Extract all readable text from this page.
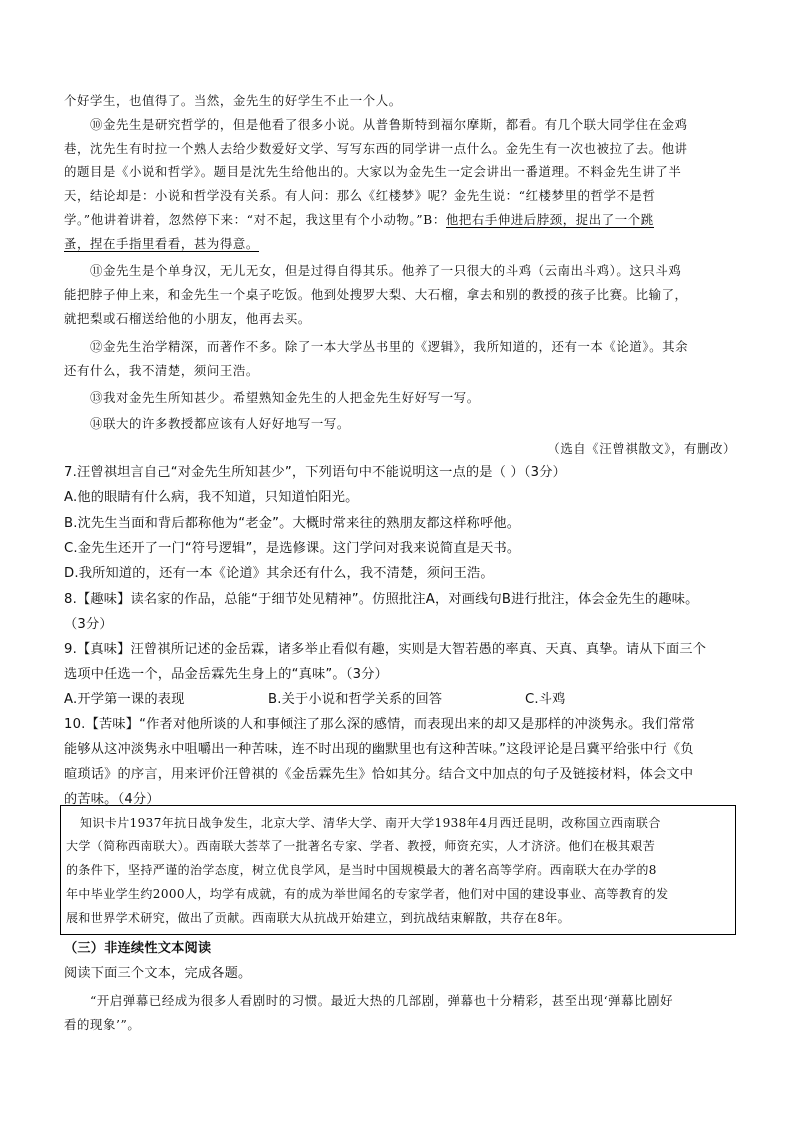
个好学生，也值得了。当然，金先生的好学生不止一个人。
⑩金先生是研究哲学的，但是他看了很多小说。从普鲁斯特到福尔摩斯，都看。有几个联大同学住在金鸡
巷，沈先生有时拉一个熟人去给少数爱好文学、写写东西的同学讲一点什么。金先生有一次也被拉了去。他讲
的题目是《小说和哲学》。题目是沈先生给他出的。大家以为金先生一定会讲出一番道理。不料金先生讲了半
天，结论却是：小说和哲学没有关系。有人问：那么《红楼梦》呢？金先生说：“红楼梦里的哲学不是哲
学。”他讲着讲着，忽然停下来：“对不起，我这里有个小动物。”B：他把右手伸进后脖颈，捉出了一个跳
蚤，捏在手指里看看，甚为得意。
⑪金先生是个单身汉，无儿无女，但是过得自得其乐。他养了一只很大的斗鸡（云南出斗鸡）。这只斗鸡
能把脖子伸上来，和金先生一个桌子吃饭。他到处搜罗大梨、大石榴，拿去和别的教授的孩子比赛。比输了，
就把梨或石榴送给他的小朋友，他再去买。
⑫金先生治学精深，而著作不多。除了一本大学丛书里的《逻辑》，我所知道的，还有一本《论道》。其余
还有什么，我不清楚，须问王浩。
⑬我对金先生所知甚少。希望熟知金先生的人把金先生好好写一写。
⑭联大的许多教授都应该有人好好地写一写。
（选自《汪曾祺散文》，有删改）
7.汪曾祺坦言自己“对金先生所知甚少”，下列语句中不能说明这一点的是（ ）（3分）
A.他的眼睛有什么病，我不知道，只知道怕阳光。
B.沈先生当面和背后都称他为“老金”。大概时常来往的熟朋友都这样称呼他。
C.金先生还开了一门“符号逻辑”，是选修课。这门学问对我来说简直是天书。
D.我所知道的，还有一本《论道》其余还有什么，我不清楚，须问王浩。
8.【趣味】读名家的作品，总能“于细节处见精神”。仿照批注A，对画线句B进行批注，体会金先生的趣味。
（3分）
9.【真味】汪曾祺所记述的金岳霖，诸多举止看似有趣，实则是大智若愚的率真、天真、真挚。请从下面三个
选项中任选一个，品金岳霖先生身上的“真味”。（3分）
A.开学第一课的表现	B.关于小说和哲学关系的回答	C.斗鸡
10.【苦味】“作者对他所谈的人和事倾注了那么深的感情，而表现出来的却又是那样的冲淡隽永。我们常常
能够从这冲淡隽永中咀嚼出一种苦味，连不时出现的幽默里也有这种苦味。”这段评论是吕冀平给张中行《负
暄琐话》的序言，用来评价汪曾祺的《金岳霖先生》恰如其分。结合文中加点的句子及链接材料，体会文中
的苦味。（4分）
知识卡片1937年抗日战争发生，北京大学、清华大学、南开大学1938年4月西迁昆明，改称国立西南联合
大学（简称西南联大）。西南联大荟萃了一批著名专家、学者、教授，师资充实，人才济济。他们在极其艰苦
的条件下，坚持严谨的治学态度，树立优良学风，是当时中国规模最大的著名高等学府。西南联大在办学的8
年中毕业学生约2000人，均学有成就，有的成为举世闻名的专家学者，他们对中国的建设事业、高等教育的发
展和世界学术研究，做出了贡献。西南联大从抗战开始建立，到抗战结束解散，共存在8年。
（三）非连续性文本阅读
阅读下面三个文本，完成各题。
“开启弹幕已经成为很多人看剧时的习惯。最近大热的几部剧，弹幕也十分精彩，甚至出现‘弹幕比剧好
看的现象’”。
